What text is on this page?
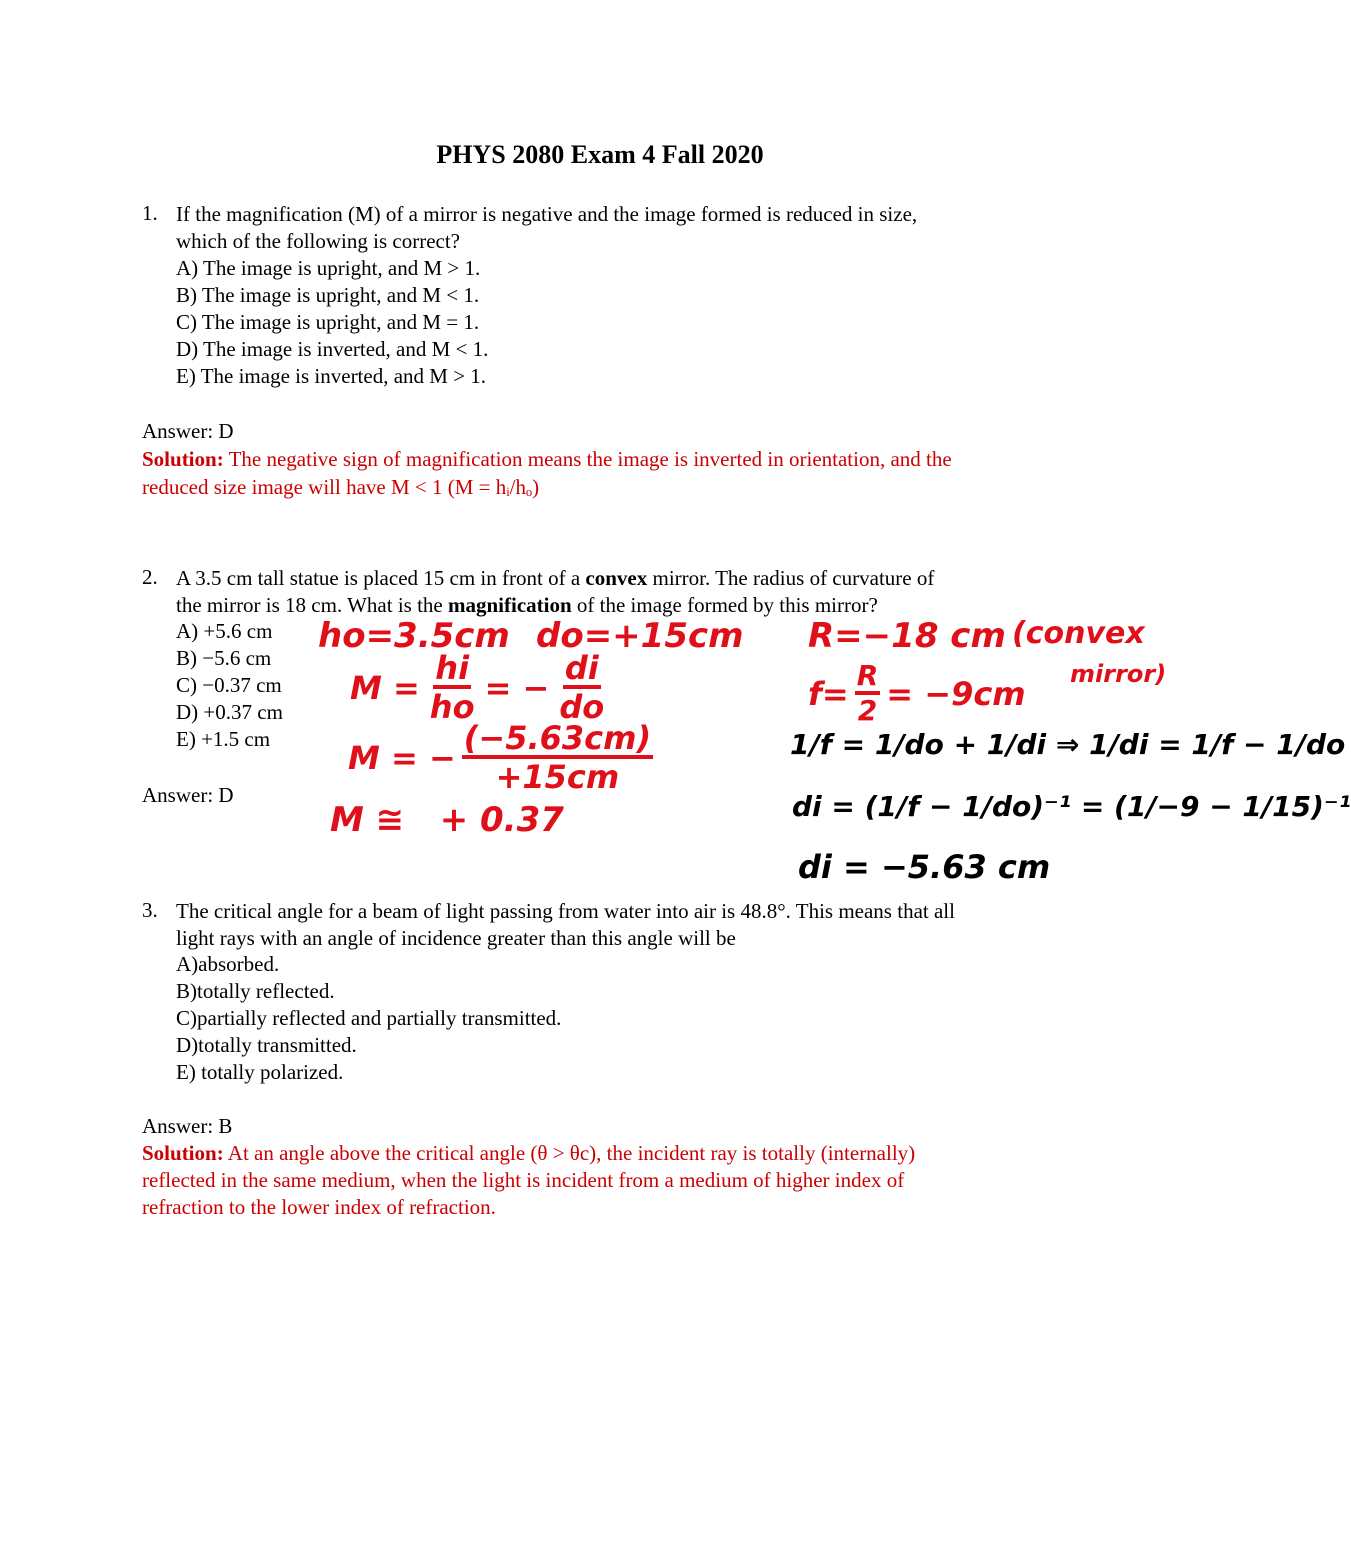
PHYS 2080 Exam 4 Fall 2020
1. If the magnification (M) of a mirror is negative and the image formed is reduced in size,
which of the following is correct?
A) The image is upright, and M > 1.
B) The image is upright, and M < 1.
C) The image is upright, and M = 1.
D) The image is inverted, and M < 1.
E) The image is inverted, and M > 1.
Answer: D
Solution: The negative sign of magnification means the image is inverted in orientation, and the
reduced size image will have M < 1 (M = hᵢ/hₒ)
2. A 3.5 cm tall statue is placed 15 cm in front of a convex mirror. The radius of curvature of
the mirror is 18 cm. What is the magnification of the image formed by this mirror?
A) +5.6 cm
B) −5.6 cm
C) −0.37 cm
D) +0.37 cm
E) +1.5 cm
Answer: D
ho=3.5cm do=+15cm R=−18 cm (convex
mirror)
$M = \frac{hi}{ho}$ = − $\frac{di}{do}$	$f= \frac{R}{2} = -9cm$
M = − $\frac{(-5.63cm)}{+15cm}$
M ≅ + 0.37
1/f = 1/do + 1/di ⇒ 1/di = 1/f − 1/do
di = (1/f − 1/do)⁻¹ = (1/−9 − 1/15)⁻¹
di = −5.63 cm
3. The critical angle for a beam of light passing from water into air is 48.8°. This means that all
light rays with an angle of incidence greater than this angle will be
A)absorbed.
B)totally reflected.
C)partially reflected and partially transmitted.
D)totally transmitted.
E) totally polarized.
Answer: B
Solution: At an angle above the critical angle (θ > θc), the incident ray is totally (internally)
reflected in the same medium, when the light is incident from a medium of higher index of
refraction to the lower index of refraction.
